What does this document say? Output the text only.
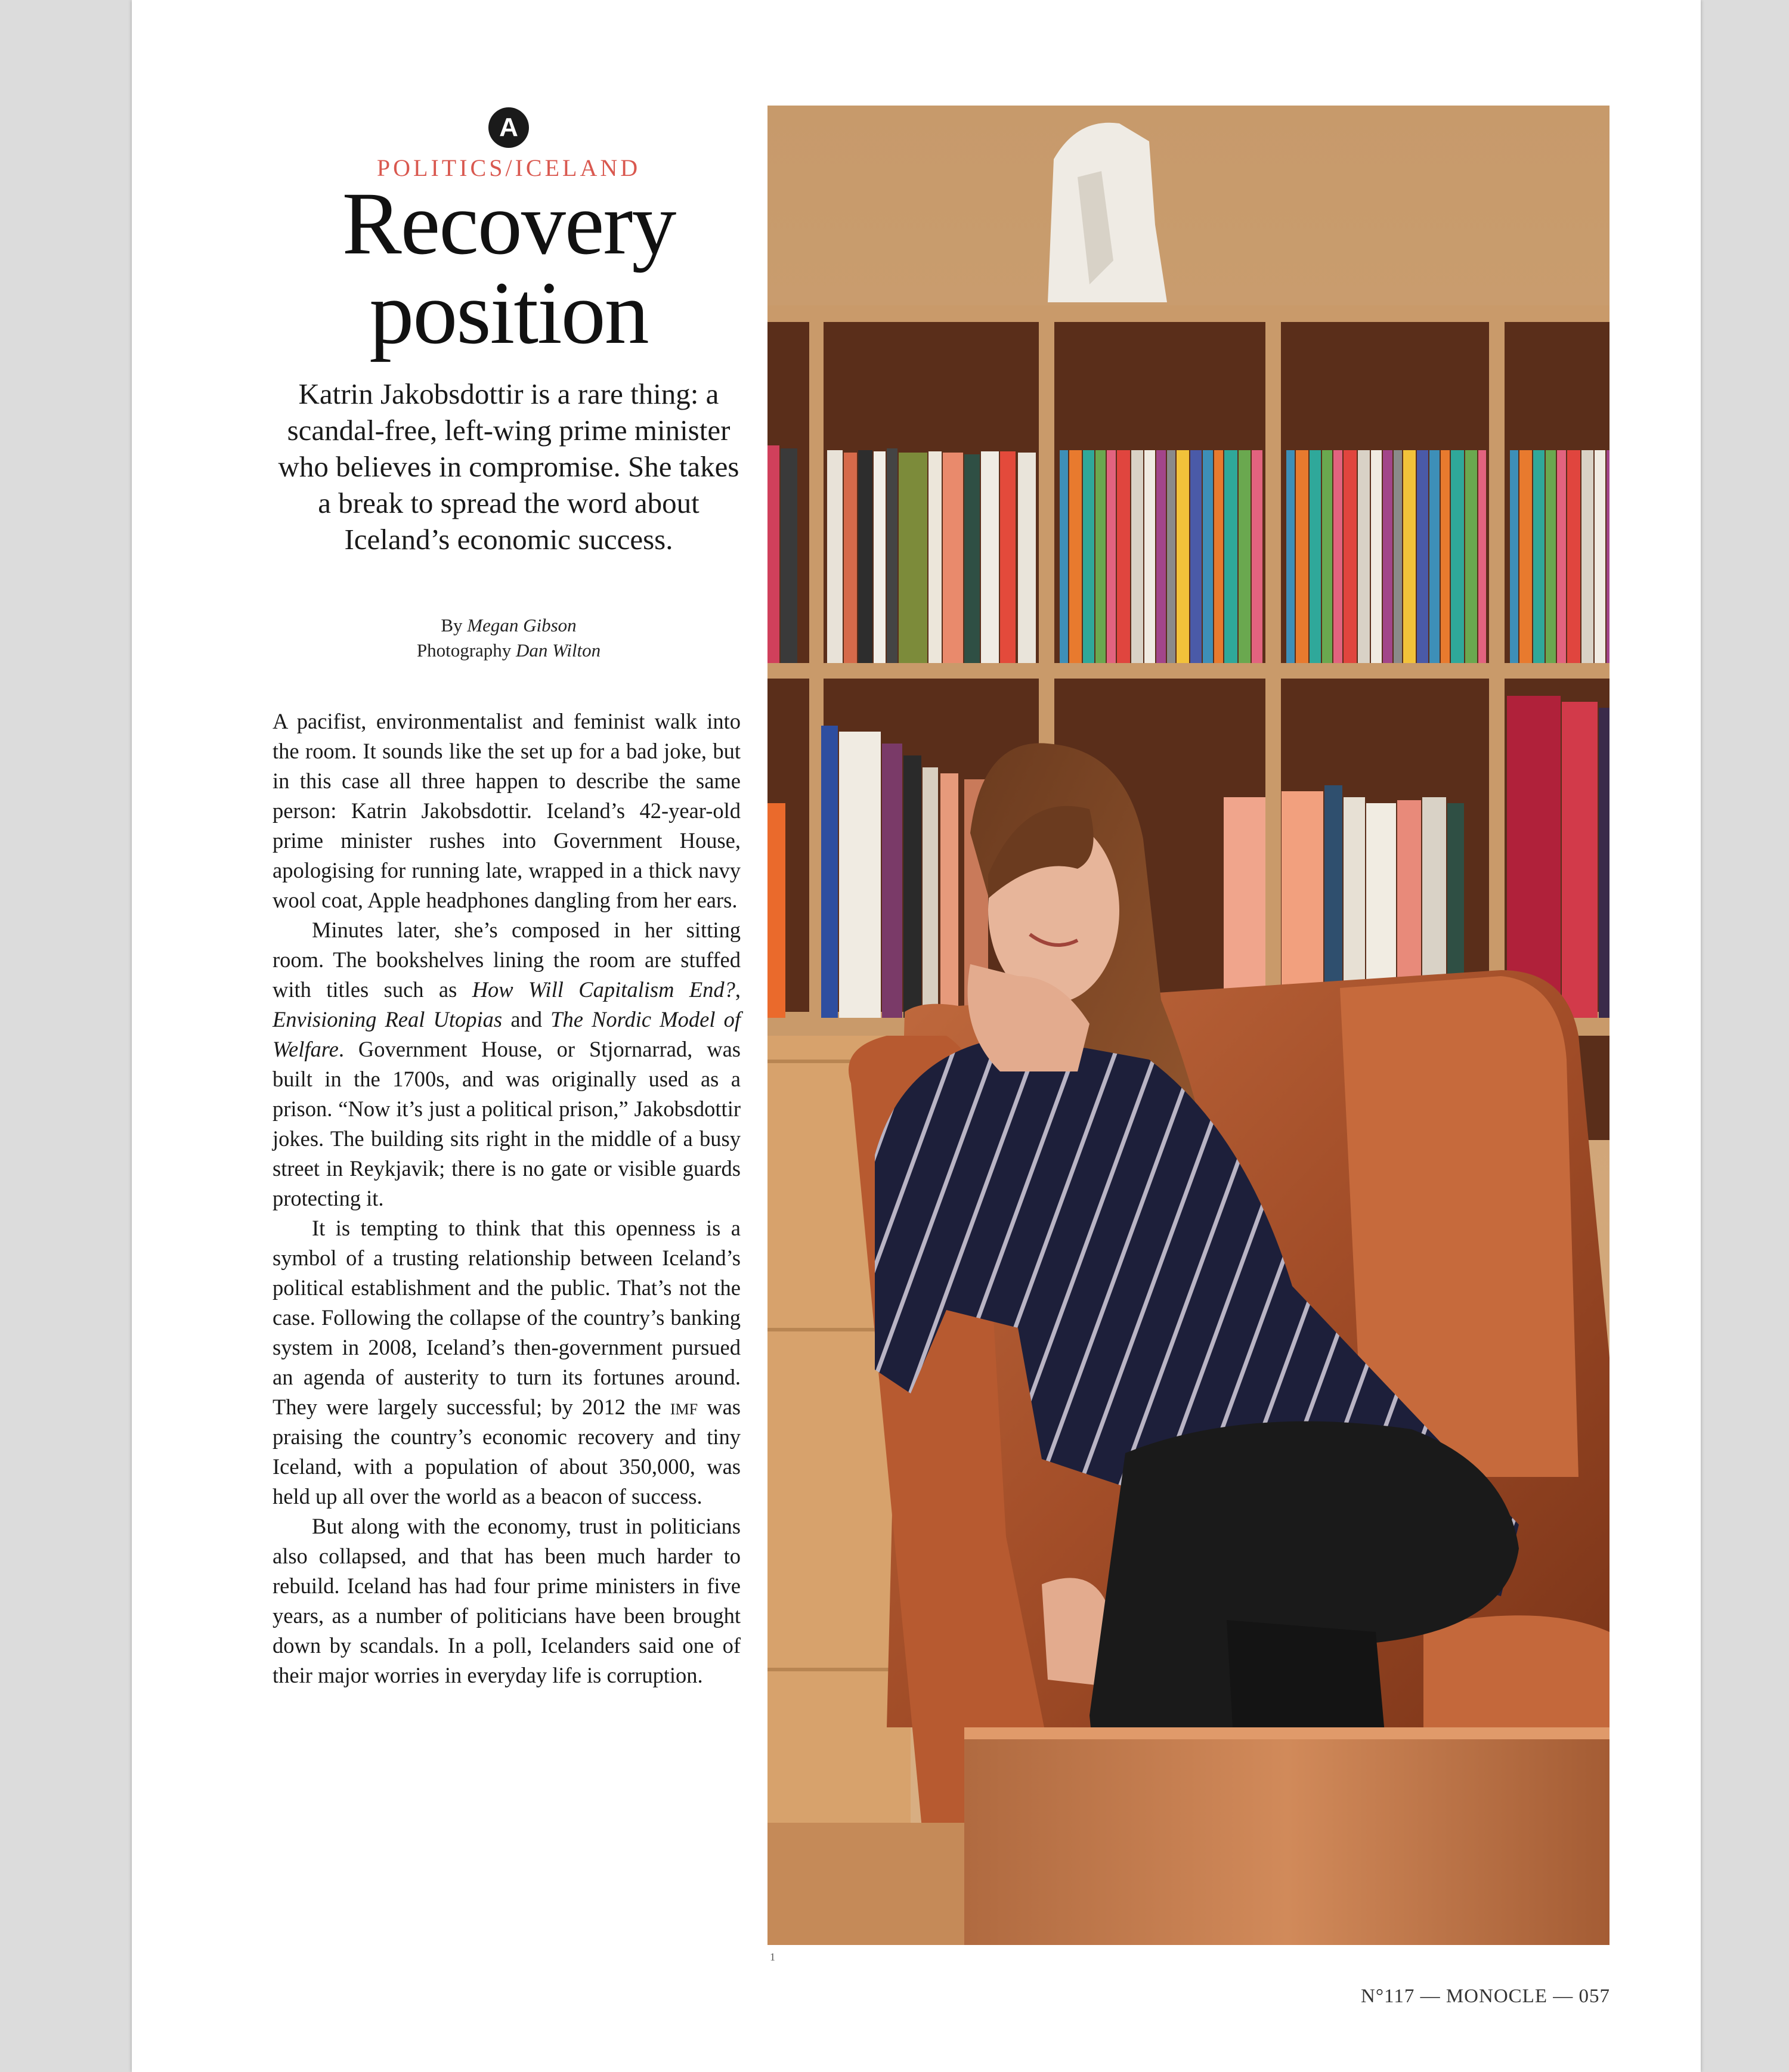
A
POLITICS/ICELAND
Recovery
position

Katrin Jakobsdottir is a rare thing: a scandal-free, left-wing prime minister who believes in compromise. She takes a break to spread the word about Iceland’s economic success.

By Megan Gibson
Photography Dan Wilton

A pacifist, environmentalist and feminist walk into the room. It sounds like the set up for a bad joke, but in this case all three happen to describe the same person: Katrin Jakobsdottir. Iceland’s 42-year-old prime minister rushes into Government House, apologising for running late, wrapped in a thick navy wool coat, Apple headphones dangling from her ears.

Minutes later, she’s composed in her sitting room. The bookshelves lining the room are stuffed with titles such as How Will Capitalism End?, Envisioning Real Utopias and The Nordic Model of Welfare. Government House, or Stjornarrad, was built in the 1700s, and was originally used as a prison. “Now it’s just a political prison,” Jakobsdottir jokes. The building sits right in the middle of a busy street in Reykjavik; there is no gate or visible guards protecting it.

It is tempting to think that this openness is a symbol of a trusting relationship between Iceland’s political establishment and the public. That’s not the case. Following the collapse of the country’s banking system in 2008, Iceland’s then-government pursued an agenda of austerity to turn its fortunes around. They were largely successful; by 2012 the imf was praising the country’s economic recovery and tiny Iceland, with a population of about 350,000, was held up all over the world as a beacon of success.

But along with the economy, trust in politicians also collapsed, and that has been much harder to rebuild. Iceland has had four prime ministers in five years, as a number of politicians have been brought down by scandals. In a poll, Icelanders said one of their major worries in everyday life is corruption.

1
N°117 — MONOCLE — 057
